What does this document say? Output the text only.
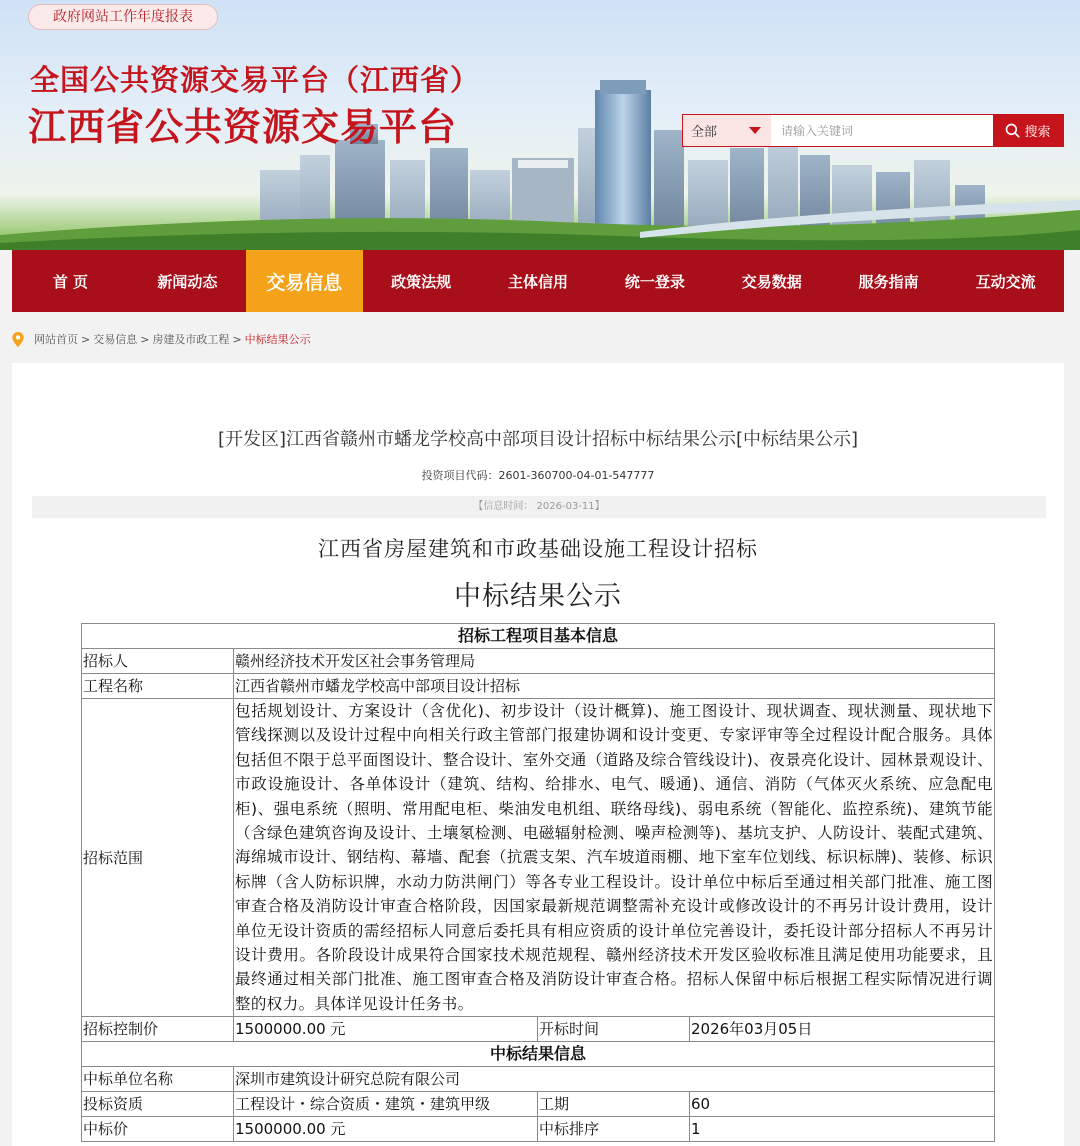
政府网站工作年度报表
全国公共资源交易平台（江西省）
江西省公共资源交易平台	全部
请输入关键词	搜索
首 页	新闻动态	交易信息	政策法规	主体信用	统一登录	交易数据	服务指南	互动交流
网站首页 > 交易信息 > 房建及市政工程 > 中标结果公示
[开发区]江西省赣州市蟠龙学校高中部项目设计招标中标结果公示[中标结果公示]
投资项目代码：2601-360700-04-01-547777
【信息时间： 2026-03-11】
江西省房屋建筑和市政基础设施工程设计招标
中标结果公示
招标工程项目基本信息			
招标人	赣州经济技术开发区社会事务管理局		
工程名称	江西省赣州市蟠龙学校高中部项目设计招标		
招标范围	包括规划设计、方案设计（含优化)、初步设计（设计概算)、施工图设计、现状调查、现状测量、现状地下管线探测以及设计过程中向相关行政主管部门报建协调和设计变更、专家评审等全过程设计配合服务。具体包括但不限于总平面图设计、整合设计、室外交通（道路及综合管线设计)、夜景亮化设计、园林景观设计、市政设施设计、各单体设计（建筑、结构、给排水、电气、暖通)、通信、消防（气体灭火系统、应急配电柜)、强电系统（照明、常用配电柜、柴油发电机组、联络母线)、弱电系统（智能化、监控系统)、建筑节能（含绿色建筑咨询及设计、土壤氡检测、电磁辐射检测、噪声检测等)、基坑支护、人防设计、装配式建筑、海绵城市设计、钢结构、幕墙、配套（抗震支架、汽车坡道雨棚、地下室车位划线、标识标牌)、装修、标识标牌（含人防标识牌，水动力防洪闸门）等各专业工程设计。设计单位中标后至通过相关部门批准、施工图审查合格及消防设计审查合格阶段，因国家最新规范调整需补充设计或修改设计的不再另计设计费用，设计单位无设计资质的需经招标人同意后委托具有相应资质的设计单位完善设计，委托设计部分招标人不再另计设计费用。各阶段设计成果符合国家技术规范规程、赣州经济技术开发区验收标准且满足使用功能要求，且最终通过相关部门批准、施工图审查合格及消防设计审查合格。招标人保留中标后根据工程实际情况进行调整的权力。具体详见设计任务书。		
招标控制价	1500000.00 元	开标时间	2026年03月05日
中标结果信息			
中标单位名称	深圳市建筑设计研究总院有限公司		
投标资质	工程设计・综合资质・建筑・建筑甲级	工期	60
中标价	1500000.00 元	中标排序	1
